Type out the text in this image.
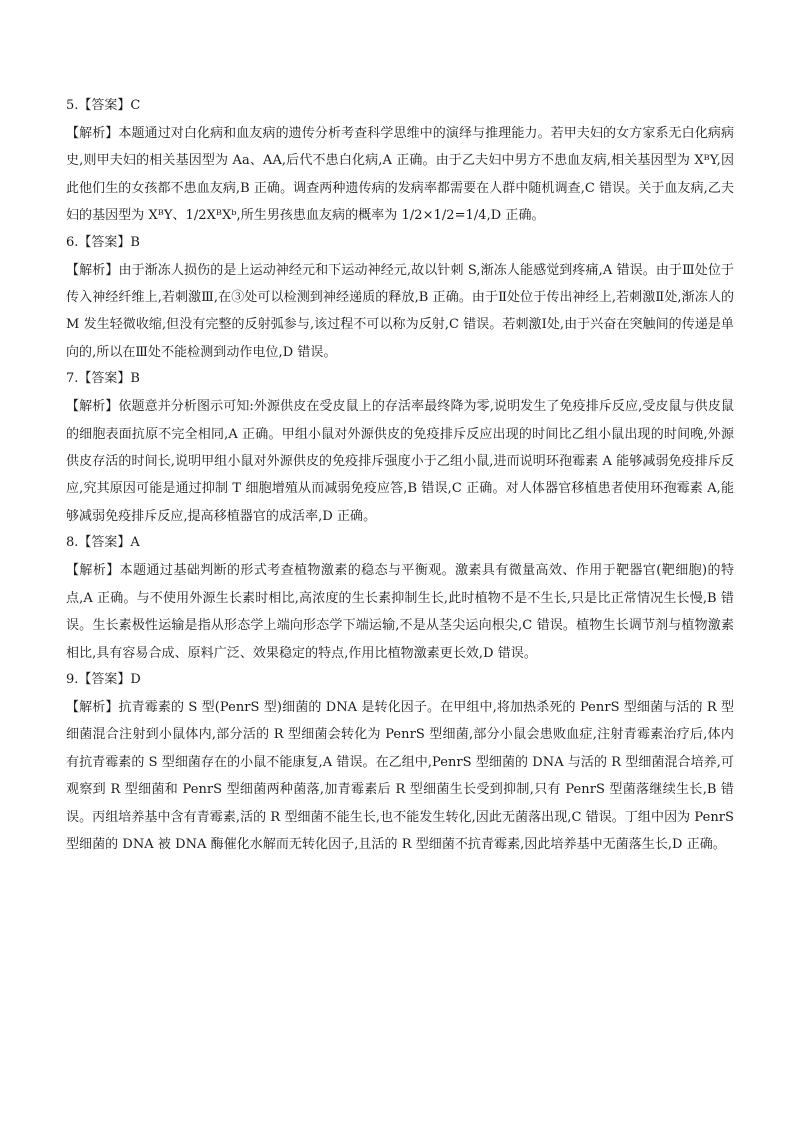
5.【答案】C
【解析】本题通过对白化病和血友病的遗传分析考查科学思维中的演绎与推理能力。若甲夫妇的女方家系无白化病病史,则甲夫妇的相关基因型为 Aa、AA,后代不患白化病,A 正确。由于乙夫妇中男方不患血友病,相关基因型为 XᴮY,因此他们生的女孩都不患血友病,B 正确。调查两种遗传病的发病率都需要在人群中随机调查,C 错误。关于血友病,乙夫妇的基因型为 XᴮY、1/2XᴮXᵇ,所生男孩患血友病的概率为 1/2×1/2=1/4,D 正确。
6.【答案】B
【解析】由于渐冻人损伤的是上运动神经元和下运动神经元,故以针刺 S,渐冻人能感觉到疼痛,A 错误。由于Ⅲ处位于传入神经纤维上,若刺激Ⅲ,在③处可以检测到神经递质的释放,B 正确。由于Ⅱ处位于传出神经上,若刺激Ⅱ处,渐冻人的 M 发生轻微收缩,但没有完整的反射弧参与,该过程不可以称为反射,C 错误。若刺激Ⅰ处,由于兴奋在突触间的传递是单向的,所以在Ⅲ处不能检测到动作电位,D 错误。
7.【答案】B
【解析】依题意并分析图示可知:外源供皮在受皮鼠上的存活率最终降为零,说明发生了免疫排斥反应,受皮鼠与供皮鼠的细胞表面抗原不完全相同,A 正确。甲组小鼠对外源供皮的免疫排斥反应出现的时间比乙组小鼠出现的时间晚,外源供皮存活的时间长,说明甲组小鼠对外源供皮的免疫排斥强度小于乙组小鼠,进而说明环孢霉素 A 能够减弱免疫排斥反应,究其原因可能是通过抑制 T 细胞增殖从而减弱免疫应答,B 错误,C 正确。对人体器官移植患者使用环孢霉素 A,能够减弱免疫排斥反应,提高移植器官的成活率,D 正确。
8.【答案】A
【解析】本题通过基础判断的形式考查植物激素的稳态与平衡观。激素具有微量高效、作用于靶器官(靶细胞)的特点,A 正确。与不使用外源生长素时相比,高浓度的生长素抑制生长,此时植物不是不生长,只是比正常情况生长慢,B 错误。生长素极性运输是指从形态学上端向形态学下端运输,不是从茎尖运向根尖,C 错误。植物生长调节剂与植物激素相比,具有容易合成、原料广泛、效果稳定的特点,作用比植物激素更长效,D 错误。
9.【答案】D
【解析】抗青霉素的 S 型(PenrS 型)细菌的 DNA 是转化因子。在甲组中,将加热杀死的 PenrS 型细菌与活的 R 型细菌混合注射到小鼠体内,部分活的 R 型细菌会转化为 PenrS 型细菌,部分小鼠会患败血症,注射青霉素治疗后,体内有抗青霉素的 S 型细菌存在的小鼠不能康复,A 错误。在乙组中,PenrS 型细菌的 DNA 与活的 R 型细菌混合培养,可观察到 R 型细菌和 PenrS 型细菌两种菌落,加青霉素后 R 型细菌生长受到抑制,只有 PenrS 型菌落继续生长,B 错误。丙组培养基中含有青霉素,活的 R 型细菌不能生长,也不能发生转化,因此无菌落出现,C 错误。丁组中因为 PenrS 型细菌的 DNA 被 DNA 酶催化水解而无转化因子,且活的 R 型细菌不抗青霉素,因此培养基中无菌落生长,D 正确。
